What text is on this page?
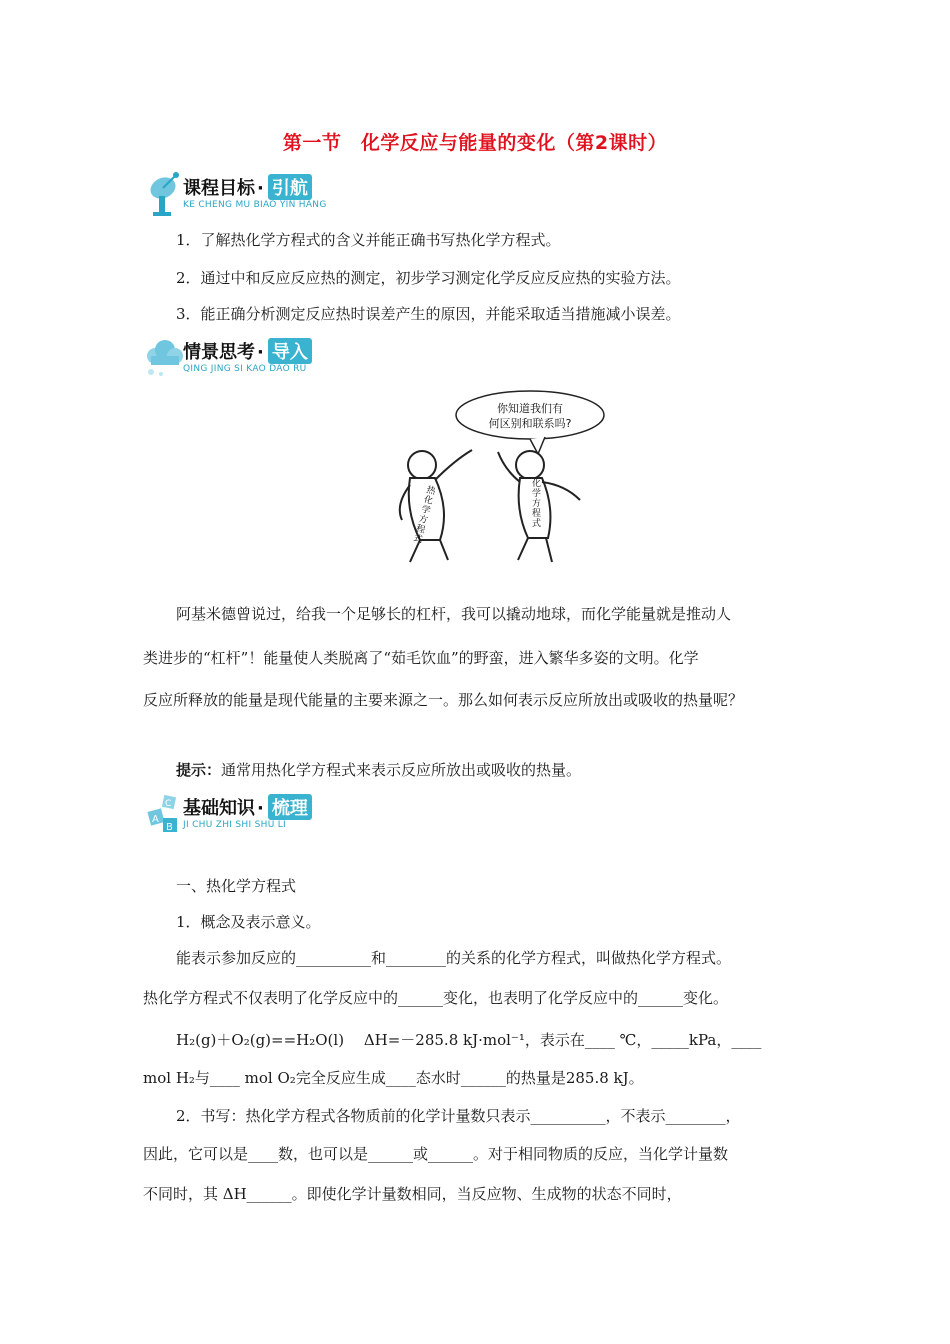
第一节　化学反应与能量的变化（第2课时）
课程目标 · 引航
KE CHENG MU BIAO YIN HANG
1．了解热化学方程式的含义并能正确书写热化学方程式。
2．通过中和反应反应热的测定，初步学习测定化学反应反应热的实验方法。
3．能正确分析测定反应热时误差产生的原因，并能采取适当措施减小误差。
情景思考 · 导入
QING JING SI KAO DAO RU
你知道我们有
何区别和联系吗?
热化学方程式
化学方程式
阿基米德曾说过，给我一个足够长的杠杆，我可以撬动地球，而化学能量就是推动人
类进步的“杠杆”！能量使人类脱离了“茹毛饮血”的野蛮，进入繁华多姿的文明。化学
反应所释放的能量是现代能量的主要来源之一。那么如何表示反应所放出或吸收的热量呢？
提示：通常用热化学方程式来表示反应所放出或吸收的热量。
A
C
B
基础知识 · 梳理
JI CHU ZHI SHI SHU LI
一、热化学方程式
1．概念及表示意义。
能表示参加反应的__________和________的关系的化学方程式，叫做热化学方程式。
热化学方程式不仅表明了化学反应中的______变化，也表明了化学反应中的______变化。
H₂(g)＋O₂(g)==H₂O(l)　 ΔH=－285.8 kJ·mol⁻¹，表示在____ ℃，_____kPa，____
mol H₂与____ mol O₂完全反应生成____态水时______的热量是285.8 kJ。
2．书写：热化学方程式各物质前的化学计量数只表示__________，不表示________，
因此，它可以是____数，也可以是______或______。对于相同物质的反应，当化学计量数
不同时，其 ΔH______。即使化学计量数相同，当反应物、生成物的状态不同时，
